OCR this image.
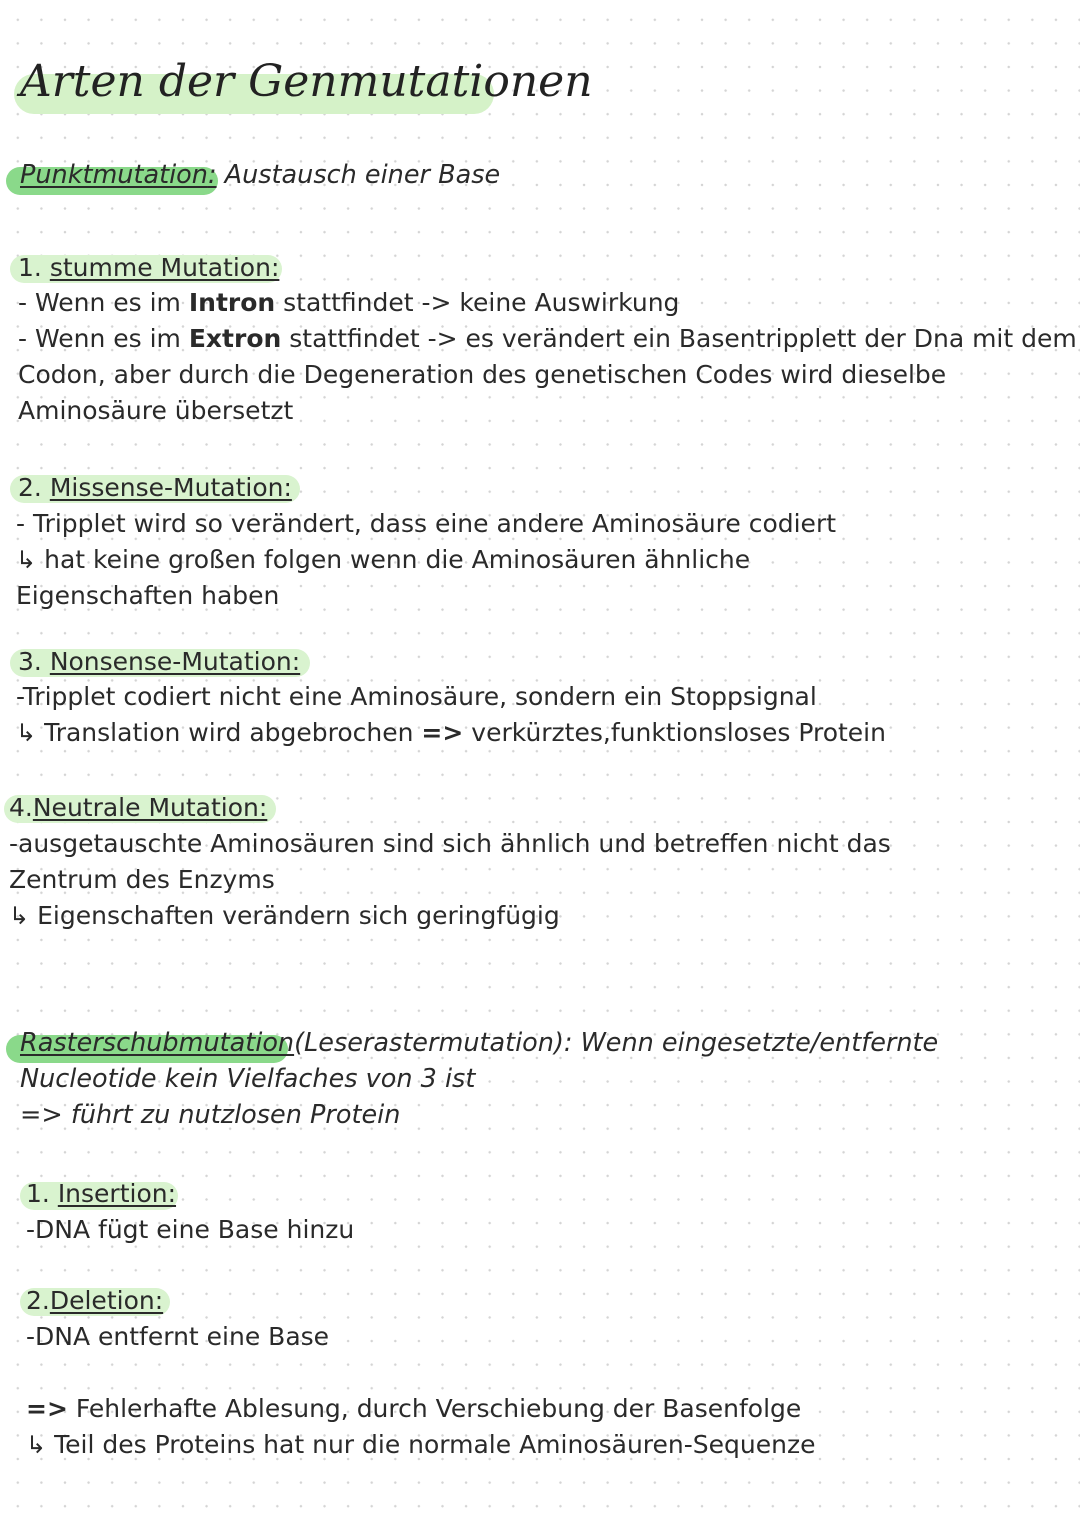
Arten der Genmutationen
Punktmutation: Austausch einer Base
1. stumme Mutation:
- Wenn es im Intron stattfindet -> keine Auswirkung
- Wenn es im Extron stattfindet -> es verändert ein Basentripplett der Dna mit dem
Codon, aber durch die Degeneration des genetischen Codes wird dieselbe
Aminosäure übersetzt
2. Missense-Mutation:
- Tripplet wird so verändert, dass eine andere Aminosäure codiert
↳ hat keine großen folgen wenn die Aminosäuren ähnliche
Eigenschaften haben
3. Nonsense-Mutation:
-Tripplet codiert nicht eine Aminosäure, sondern ein Stoppsignal
↳ Translation wird abgebrochen => verkürztes,funktionsloses Protein
4.Neutrale Mutation:
-ausgetauschte Aminosäuren sind sich ähnlich und betreffen nicht das
Zentrum des Enzyms
↳ Eigenschaften verändern sich geringfügig
Rasterschubmutation(Leserastermutation): Wenn eingesetzte/entfernte
Nucleotide kein Vielfaches von 3 ist
=> führt zu nutzlosen Protein
1. Insertion:
-DNA fügt eine Base hinzu
2.Deletion:
-DNA entfernt eine Base
=> Fehlerhafte Ablesung, durch Verschiebung der Basenfolge
↳ Teil des Proteins hat nur die normale Aminosäuren-Sequenze
